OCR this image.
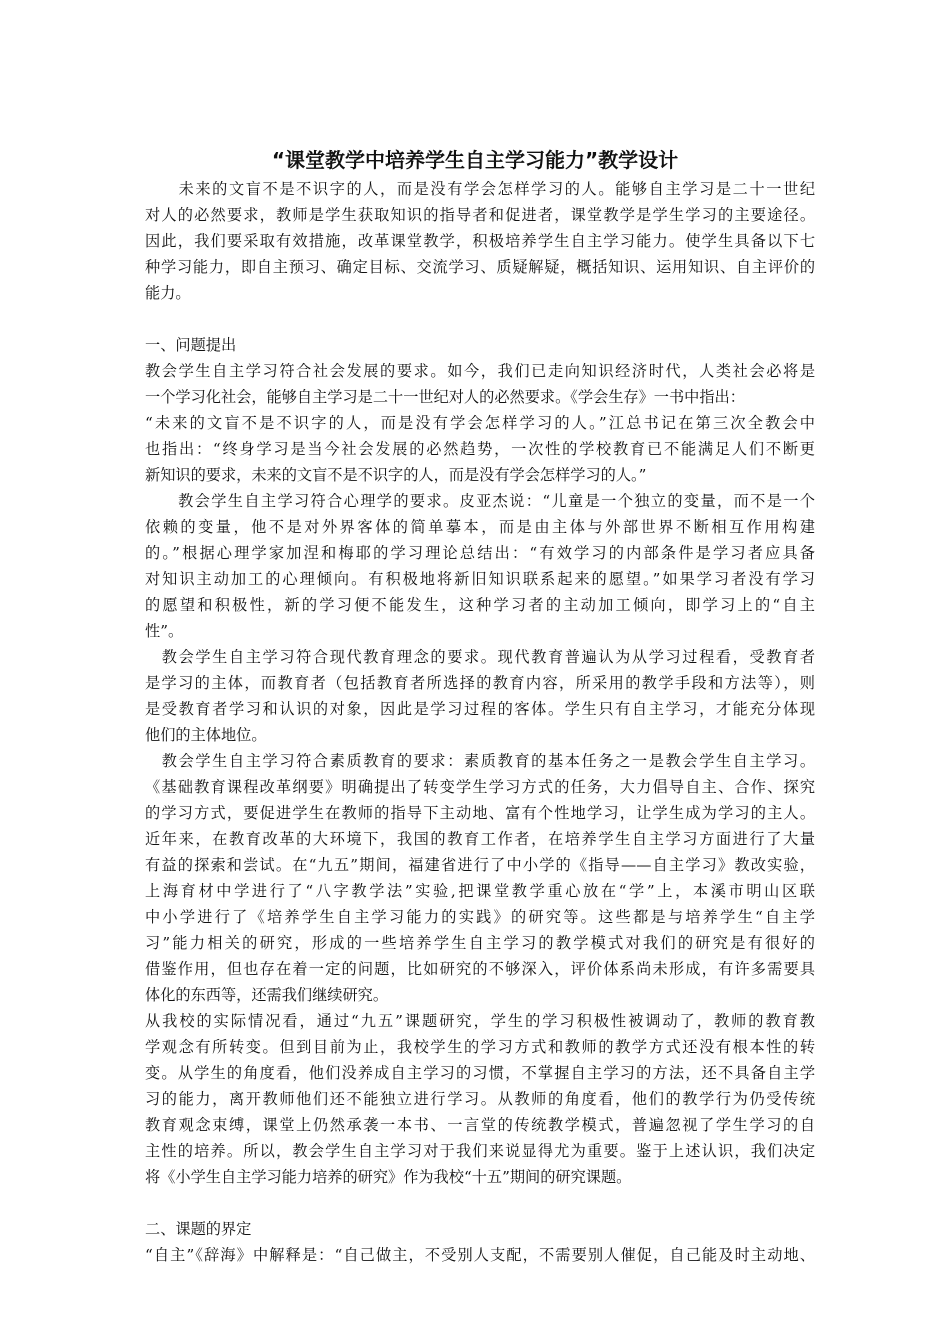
“课堂教学中培养学生自主学习能力”教学设计
　　未来的文盲不是不识字的人，而是没有学会怎样学习的人。能够自主学习是二十一世纪
对人的必然要求，教师是学生获取知识的指导者和促进者，课堂教学是学生学习的主要途径。
因此，我们要采取有效措施，改革课堂教学，积极培养学生自主学习能力。使学生具备以下七
种学习能力，即自主预习、确定目标、交流学习、质疑解疑，概括知识、运用知识、自主评价的
能力。
一、问题提出
教会学生自主学习符合社会发展的要求。如今，我们已走向知识经济时代，人类社会必将是
一个学习化社会，能够自主学习是二十一世纪对人的必然要求。《学会生存》一书中指出：
“未来的文盲不是不识字的人，而是没有学会怎样学习的人。”江总书记在第三次全教会中
也指出：“终身学习是当今社会发展的必然趋势，一次性的学校教育已不能满足人们不断更
新知识的要求，未来的文盲不是不识字的人，而是没有学会怎样学习的人。”
　　教会学生自主学习符合心理学的要求。皮亚杰说：“儿童是一个独立的变量，而不是一个
依赖的变量，他不是对外界客体的简单摹本，而是由主体与外部世界不断相互作用构建
的。”根据心理学家加涅和梅耶的学习理论总结出：“有效学习的内部条件是学习者应具备
对知识主动加工的心理倾向。有积极地将新旧知识联系起来的愿望。”如果学习者没有学习
的愿望和积极性，新的学习便不能发生，这种学习者的主动加工倾向，即学习上的“自主
性”。
　教会学生自主学习符合现代教育理念的要求。现代教育普遍认为从学习过程看，受教育者
是学习的主体，而教育者（包括教育者所选择的教育内容，所采用的教学手段和方法等），则
是受教育者学习和认识的对象，因此是学习过程的客体。学生只有自主学习，才能充分体现
他们的主体地位。
　教会学生自主学习符合素质教育的要求：素质教育的基本任务之一是教会学生自主学习。
《基础教育课程改革纲要》明确提出了转变学生学习方式的任务，大力倡导自主、合作、探究
的学习方式，要促进学生在教师的指导下主动地、富有个性地学习，让学生成为学习的主人。
近年来，在教育改革的大环境下，我国的教育工作者，在培养学生自主学习方面进行了大量
有益的探索和尝试。在“九五”期间，福建省进行了中小学的《指导——自主学习》教改实验，
上海育材中学进行了“八字教学法”实验,把课堂教学重心放在“学”上，本溪市明山区联
中小学进行了《培养学生自主学习能力的实践》的研究等。这些都是与培养学生“自主学
习”能力相关的研究，形成的一些培养学生自主学习的教学模式对我们的研究是有很好的
借鉴作用，但也存在着一定的问题，比如研究的不够深入，评价体系尚未形成，有许多需要具
体化的东西等，还需我们继续研究。
从我校的实际情况看，通过“九五”课题研究，学生的学习积极性被调动了，教师的教育教
学观念有所转变。但到目前为止，我校学生的学习方式和教师的教学方式还没有根本性的转
变。从学生的角度看，他们没养成自主学习的习惯，不掌握自主学习的方法，还不具备自主学
习的能力，离开教师他们还不能独立进行学习。从教师的角度看，他们的教学行为仍受传统
教育观念束缚，课堂上仍然承袭一本书、一言堂的传统教学模式，普遍忽视了学生学习的自
主性的培养。所以，教会学生自主学习对于我们来说显得尤为重要。鉴于上述认识，我们决定
将《小学生自主学习能力培养的研究》作为我校“十五”期间的研究课题。
二、课题的界定
“自主”《辞海》中解释是：“自己做主，不受别人支配，不需要别人催促，自己能及时主动地、
